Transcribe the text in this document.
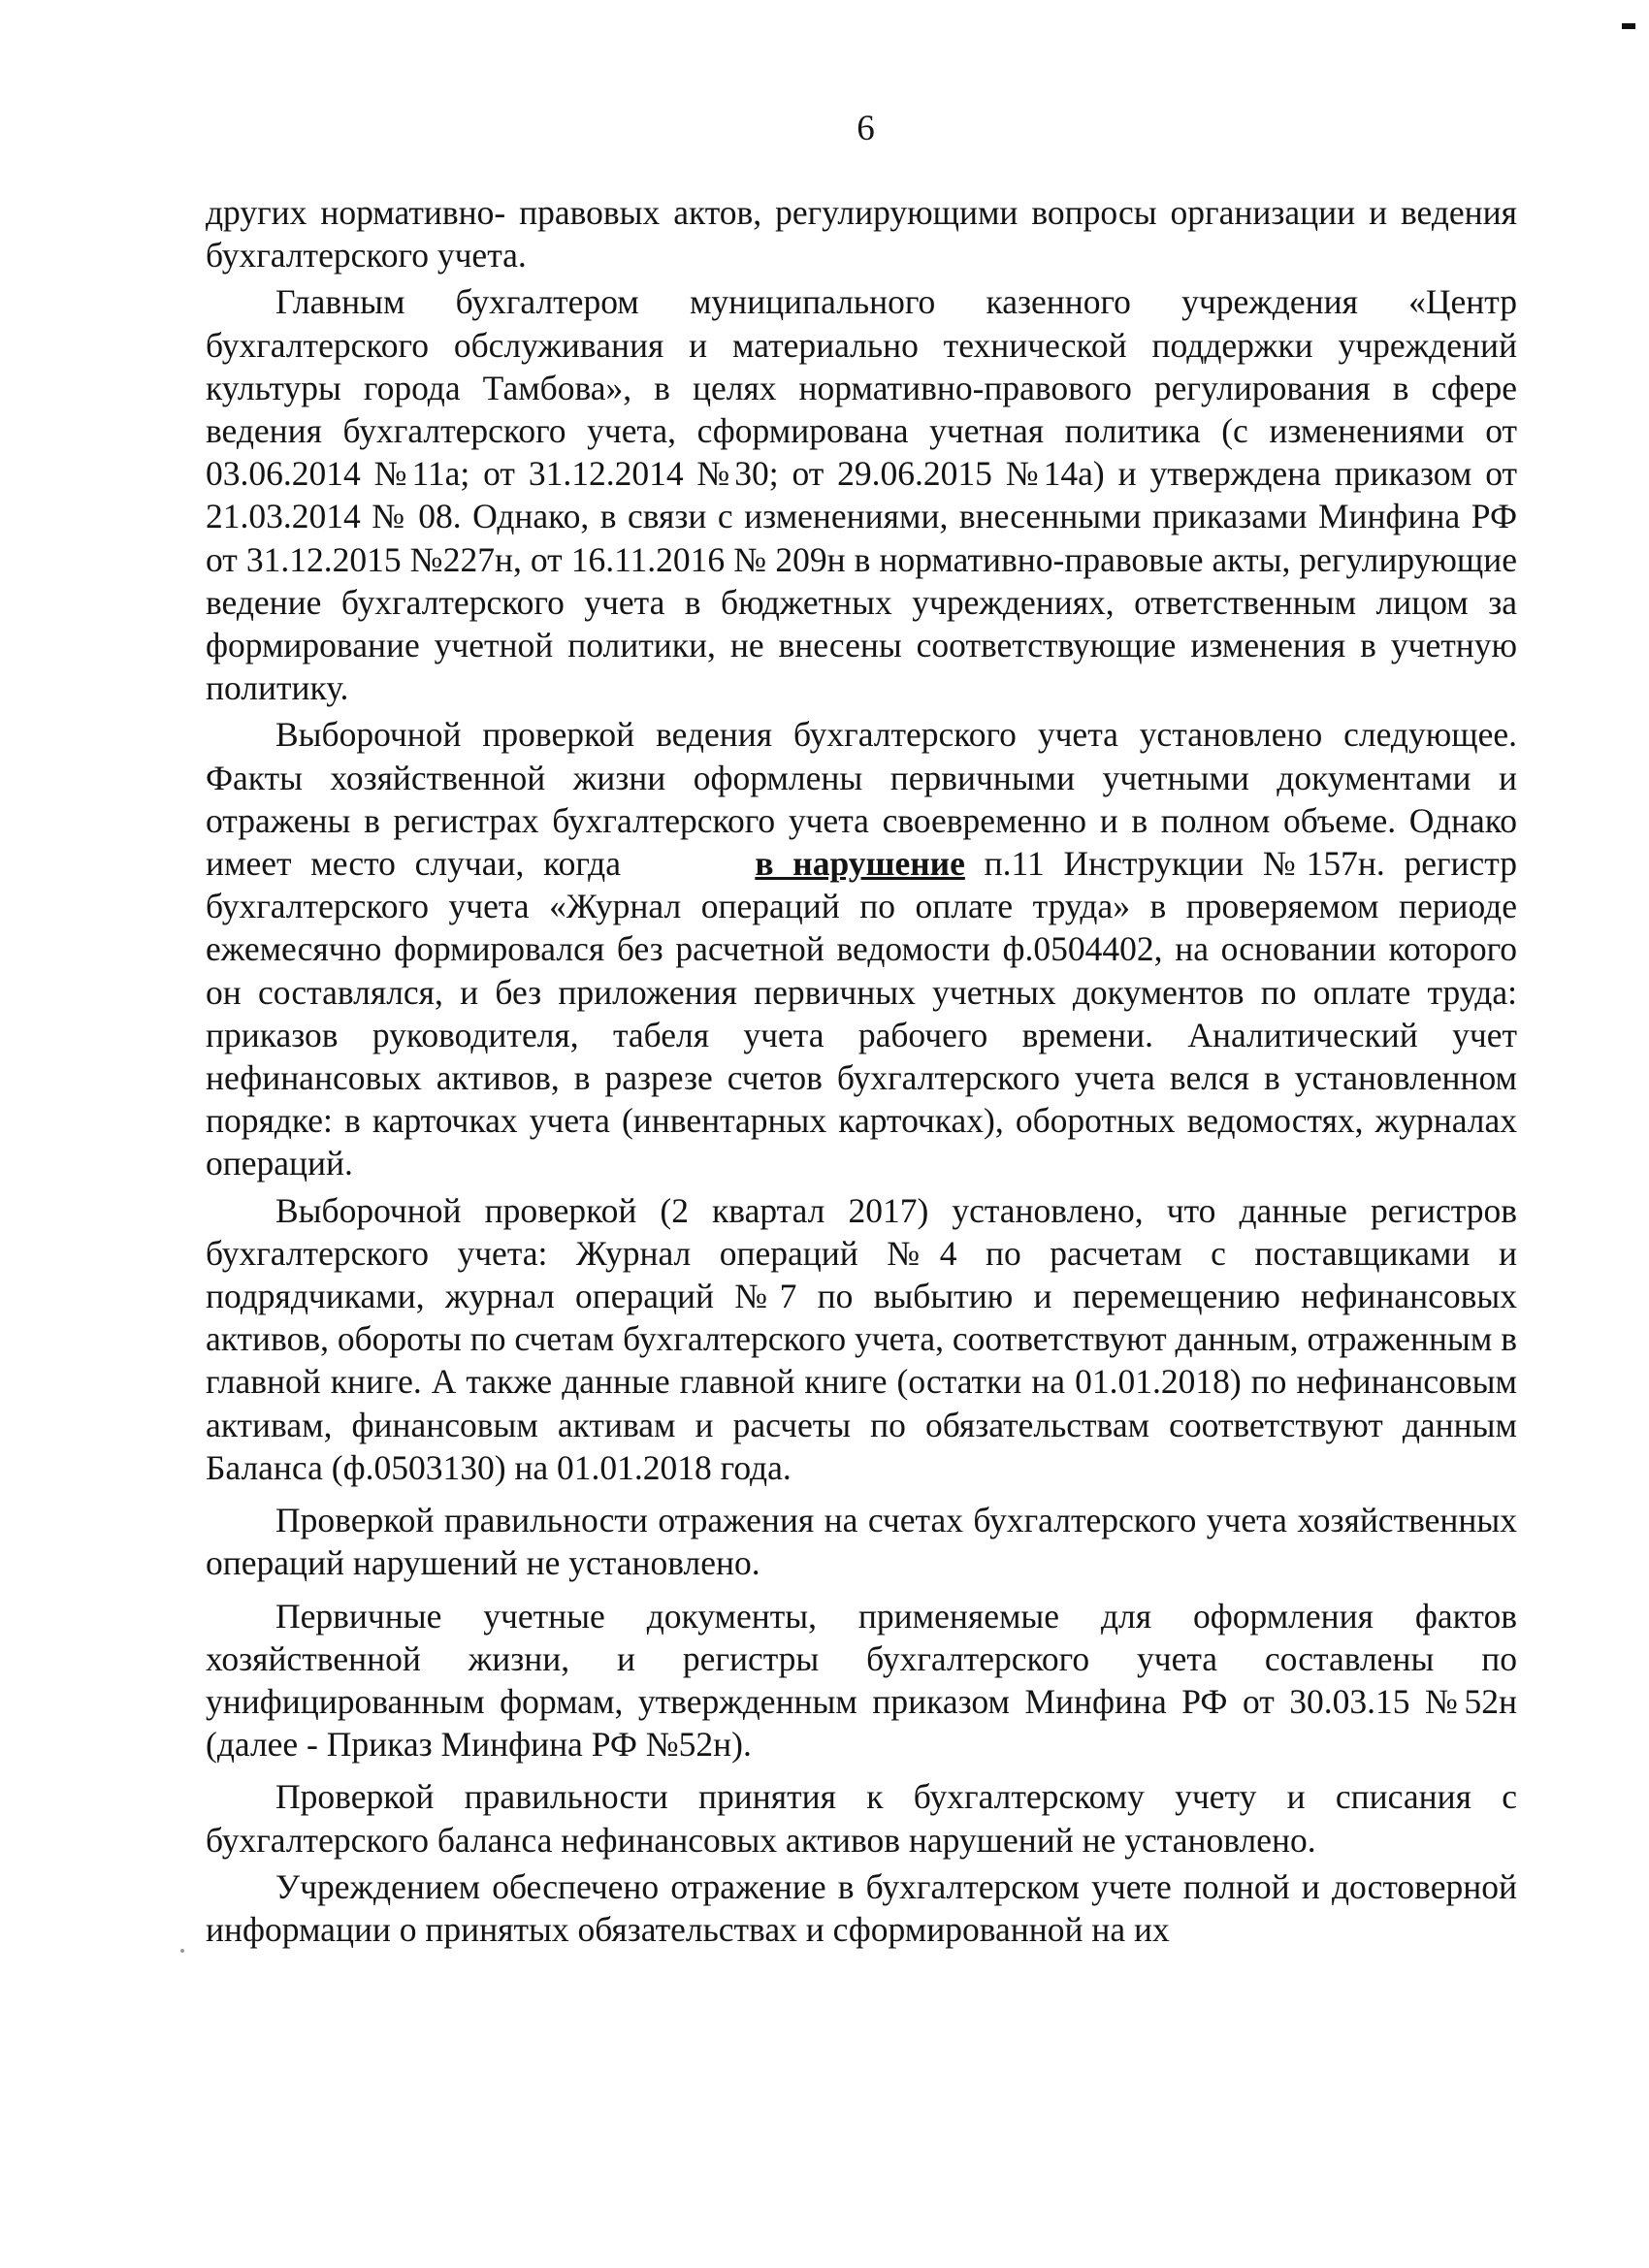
6

других нормативно- правовых актов, регулирующими вопросы организации и ведения бухгалтерского учета.

Главным бухгалтером муниципального казенного учреждения «Центр бухгалтерского обслуживания и материально технической поддержки учреждений культуры города Тамбова», в целях нормативно-правового регулирования в сфере ведения бухгалтерского учета, сформирована учетная политика (с изменениями от 03.06.2014 №11а; от 31.12.2014 №30; от 29.06.2015 №14а) и утверждена приказом от 21.03.2014 № 08. Однако, в связи с изменениями, внесенными приказами Минфина РФ от 31.12.2015 №227н, от 16.11.2016 № 209н в нормативно-правовые акты, регулирующие ведение бухгалтерского учета в бюджетных учреждениях, ответственным лицом за формирование учетной политики, не внесены соответствующие изменения в учетную политику.

Выборочной проверкой ведения бухгалтерского учета установлено следующее. Факты хозяйственной жизни оформлены первичными учетными документами и отражены в регистрах бухгалтерского учета своевременно и в полном объеме. Однако имеет место случаи, когда	в нарушение п.11 Инструкции №157н. регистр бухгалтерского учета «Журнал операций по оплате труда» в проверяемом периоде ежемесячно формировался без расчетной ведомости ф.0504402, на основании которого он составлялся, и без приложения первичных учетных документов по оплате труда: приказов руководителя, табеля учета рабочего времени. Аналитический учет нефинансовых активов, в разрезе счетов бухгалтерского учета велся в установленном порядке: в карточках учета (инвентарных карточках), оборотных ведомостях, журналах операций.

Выборочной проверкой (2 квартал 2017) установлено, что данные регистров бухгалтерского учета: Журнал операций №4 по расчетам с поставщиками и подрядчиками, журнал операций №7 по выбытию и перемещению нефинансовых активов, обороты по счетам бухгалтерского учета, соответствуют данным, отраженным в главной книге. А также данные главной книге (остатки на 01.01.2018) по нефинансовым активам, финансовым активам и расчеты по обязательствам соответствуют данным Баланса (ф.0503130) на 01.01.2018 года.

Проверкой правильности отражения на счетах бухгалтерского учета хозяйственных операций нарушений не установлено.

Первичные учетные документы, применяемые для оформления фактов хозяйственной жизни, и регистры бухгалтерского учета составлены по унифицированным формам, утвержденным приказом Минфина РФ от 30.03.15 №52н (далее - Приказ Минфина РФ №52н).

Проверкой правильности принятия к бухгалтерскому учету и списания с бухгалтерского баланса нефинансовых активов нарушений не установлено.

Учреждением обеспечено отражение в бухгалтерском учете полной и достоверной информации о принятых обязательствах и сформированной на их
